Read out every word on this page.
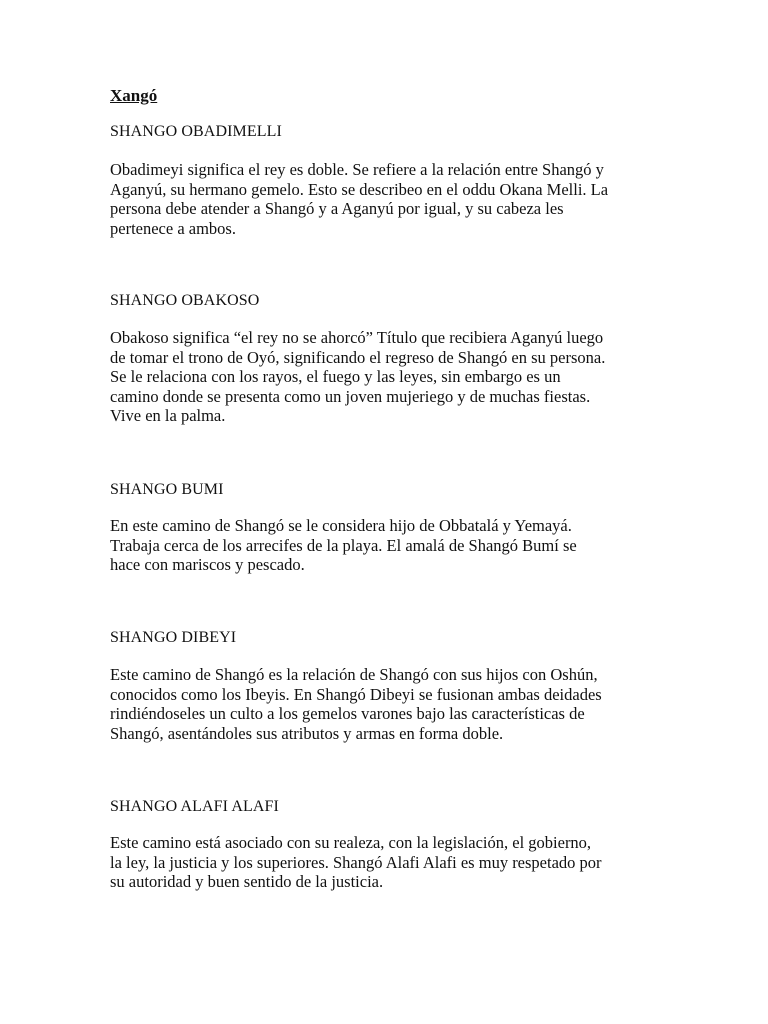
Xangó
SHANGO OBADIMELLI

Obadimeyi significa el rey es doble. Se refiere a la relación entre Shangó y
Aganyú, su hermano gemelo. Esto se describeo en el oddu Okana Melli. La
persona debe atender a Shangó y a Aganyú por igual, y su cabeza les
pertenece a ambos.

SHANGO OBAKOSO

Obakoso significa “el rey no se ahorcó” Título que recibiera Aganyú luego
de tomar el trono de Oyó, significando el regreso de Shangó en su persona.
Se le relaciona con los rayos, el fuego y las leyes, sin embargo es un
camino donde se presenta como un joven mujeriego y de muchas fiestas.
Vive en la palma.

SHANGO BUMI

En este camino de Shangó se le considera hijo de Obbatalá y Yemayá.
Trabaja cerca de los arrecifes de la playa. El amalá de Shangó Bumí se
hace con mariscos y pescado.

SHANGO DIBEYI

Este camino de Shangó es la relación de Shangó con sus hijos con Oshún,
conocidos como los Ibeyis. En Shangó Dibeyi se fusionan ambas deidades
rindiéndoseles un culto a los gemelos varones bajo las características de
Shangó, asentándoles sus atributos y armas en forma doble.

SHANGO ALAFI ALAFI

Este camino está asociado con su realeza, con la legislación, el gobierno,
la ley, la justicia y los superiores. Shangó Alafi Alafi es muy respetado por
su autoridad y buen sentido de la justicia.
